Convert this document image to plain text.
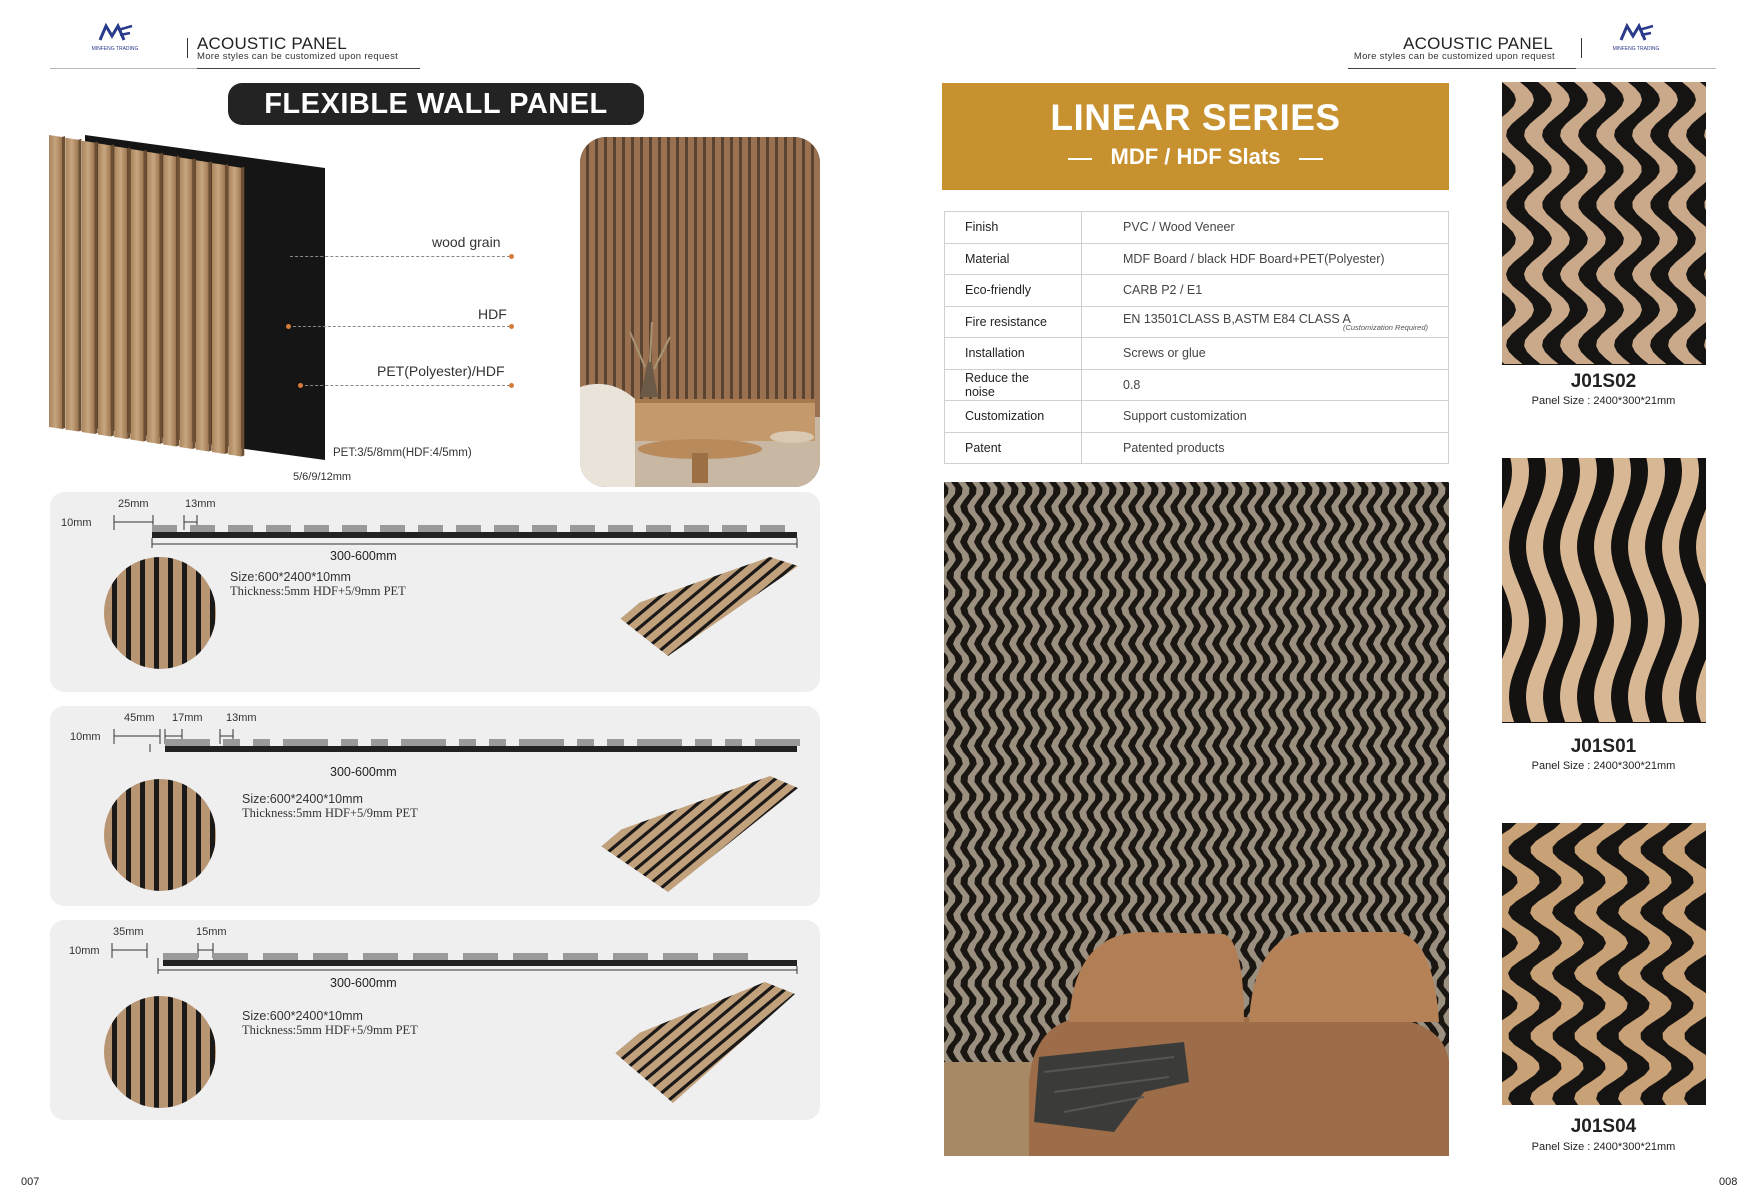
MINFENG TRADING	ACOUSTIC PANEL
More styles can be customized upon request
FLEXIBLE WALL PANEL
wood grain
HDF
PET(Polyester)/HDF
PET:3/5/8mm(HDF:4/5mm)
5/6/9/12mm
25mm	13mm
10mm
300-600mm
Size:600*2400*10mm
Thickness:5mm HDF+5/9mm PET
45mm 17mm 13mm
10mm
300-600mm
Size:600*2400*10mm
Thickness:5mm HDF+5/9mm PET
35mm	15mm
10mm
300-600mm
Size:600*2400*10mm
Thickness:5mm HDF+5/9mm PET
007
ACOUSTIC PANEL
More styles can be customized upon request
MINFENG TRADING
LINEAR SERIES
MDF / HDF Slats
Finish	PVC / Wood Veneer
Material	MDF Board / black HDF Board+PET(Polyester)
Eco-friendly	CARB P2 / E1
Fire resistance	EN 13501CLASS B,ASTM E84 CLASS A
(Customization Required)

Installation	Screws or glue
Reduce the noise	0.8
Customization	Support customization
Patent	Patented products
J01S02
Panel Size : 2400*300*21mm
J01S01
Panel Size : 2400*300*21mm
J01S04
Panel Size : 2400*300*21mm
008
